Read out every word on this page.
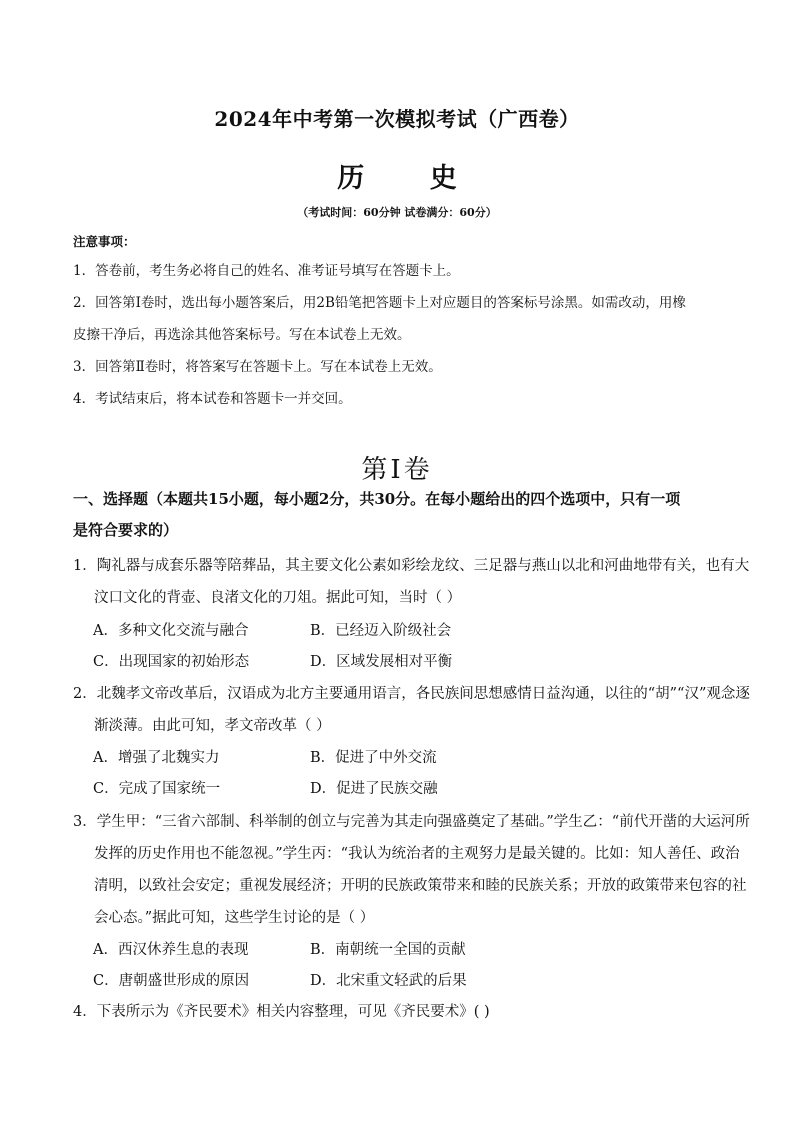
2024年中考第一次模拟考试（广西卷）
历 史
（考试时间：60分钟 试卷满分：60分）
注意事项：
1．答卷前，考生务必将自己的姓名、准考证号填写在答题卡上。
2．回答第Ⅰ卷时，选出每小题答案后，用2B铅笔把答题卡上对应题目的答案标号涂黑。如需改动，用橡
皮擦干净后，再选涂其他答案标号。写在本试卷上无效。
3．回答第Ⅱ卷时，将答案写在答题卡上。写在本试卷上无效。
4．考试结束后，将本试卷和答题卡一并交回。
第Ⅰ卷
一、选择题（本题共15小题，每小题2分，共30分。在每小题给出的四个选项中，只有一项
是符合要求的）
1．陶礼器与成套乐器等陪葬品，其主要文化公素如彩绘龙纹、三足器与燕山以北和河曲地带有关，也有大
汶口文化的背壶、良渚文化的刀俎。据此可知，当时（ ）
A．多种文化交流与融合	B．已经迈入阶级社会
C．出现国家的初始形态	D．区域发展相对平衡
2．北魏孝文帝改革后，汉语成为北方主要通用语言，各民族间思想感情日益沟通，以往的“胡”“汉”观念逐
渐淡薄。由此可知，孝文帝改革（ ）
A．增强了北魏实力	B．促进了中外交流
C．完成了国家统一	D．促进了民族交融
3．学生甲：“三省六部制、科举制的创立与完善为其走向强盛奠定了基础。”学生乙：“前代开凿的大运河所
发挥的历史作用也不能忽视。”学生丙：“我认为统治者的主观努力是最关键的。比如：知人善任、政治
清明，以致社会安定；重视发展经济；开明的民族政策带来和睦的民族关系；开放的政策带来包容的社
会心态。”据此可知，这些学生讨论的是（ ）
A．西汉休养生息的表现	B．南朝统一全国的贡献
C．唐朝盛世形成的原因	D．北宋重文轻武的后果
4．下表所示为《齐民要术》相关内容整理，可见《齐民要术》( )
